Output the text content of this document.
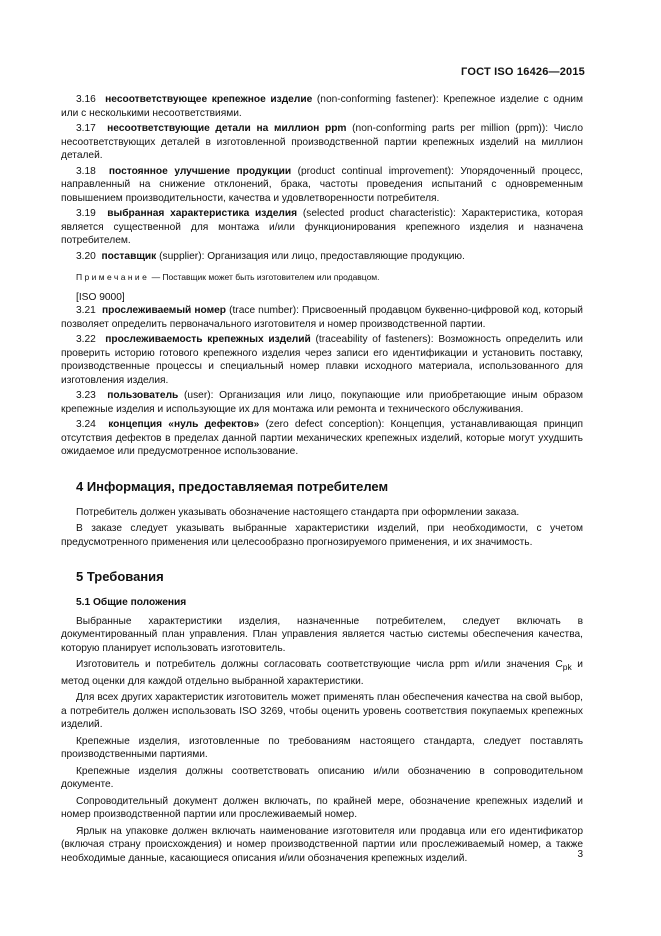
ГОСТ ISO 16426—2015

3.16 несоответствующее крепежное изделие (non-conforming fastener): Крепежное изделие с одним или с несколькими несоответствиями.

3.17 несоответствующие детали на миллион ppm (non-conforming parts per million (ppm)): Число несоответствующих деталей в изготовленной производственной партии крепежных изделий на миллион деталей.

3.18 постоянное улучшение продукции (product continual improvement): Упорядоченный процесс, направленный на снижение отклонений, брака, частоты проведения испытаний с одновременным повышением производительности, качества и удовлетворенности потребителя.

3.19 выбранная характеристика изделия (selected product characteristic): Характеристика, которая является существенной для монтажа и/или функционирования крепежного изделия и назначена потребителем.

3.20 поставщик (supplier): Организация или лицо, предоставляющие продукцию.

Примечание — Поставщик может быть изготовителем или продавцом.

[ISO 9000]

3.21 прослеживаемый номер (trace number): Присвоенный продавцом буквенно-цифровой код, который позволяет определить первоначального изготовителя и номер производственной партии.

3.22 прослеживаемость крепежных изделий (traceability of fasteners): Возможность определить или проверить историю готового крепежного изделия через записи его идентификации и установить поставку, производственные процессы и специальный номер плавки исходного материала, использованного для изготовления изделия.

3.23 пользователь (user): Организация или лицо, покупающие или приобретающие иным образом крепежные изделия и использующие их для монтажа или ремонта и технического обслуживания.

3.24 концепция «нуль дефектов» (zero defect conception): Концепция, устанавливающая принцип отсутствия дефектов в пределах данной партии механических крепежных изделий, которые могут ухудшить ожидаемое или предусмотренное использование.

4 Информация, предоставляемая потребителем

Потребитель должен указывать обозначение настоящего стандарта при оформлении заказа.

В заказе следует указывать выбранные характеристики изделий, при необходимости, с учетом предусмотренного применения или целесообразно прогнозируемого применения, и их значимость.

5 Требования
5.1 Общие положения

Выбранные характеристики изделия, назначенные потребителем, следует включать в документированный план управления. План управления является частью системы обеспечения качества, которую планирует использовать изготовитель.

Изготовитель и потребитель должны согласовать соответствующие числа ppm и/или значения $C_{pk}$ и метод оценки для каждой отдельно выбранной характеристики.

Для всех других характеристик изготовитель может применять план обеспечения качества на свой выбор, а потребитель должен использовать ISO 3269, чтобы оценить уровень соответствия покупаемых крепежных изделий.

Крепежные изделия, изготовленные по требованиям настоящего стандарта, следует поставлять производственными партиями.

Крепежные изделия должны соответствовать описанию и/или обозначению в сопроводительном документе.

Сопроводительный документ должен включать, по крайней мере, обозначение крепежных изделий и номер производственной партии или прослеживаемый номер.

Ярлык на упаковке должен включать наименование изготовителя или продавца или его идентификатор (включая страну происхождения) и номер производственной партии или прослеживаемый номер, а также необходимые данные, касающиеся описания и/или обозначения крепежных изделий.	3
